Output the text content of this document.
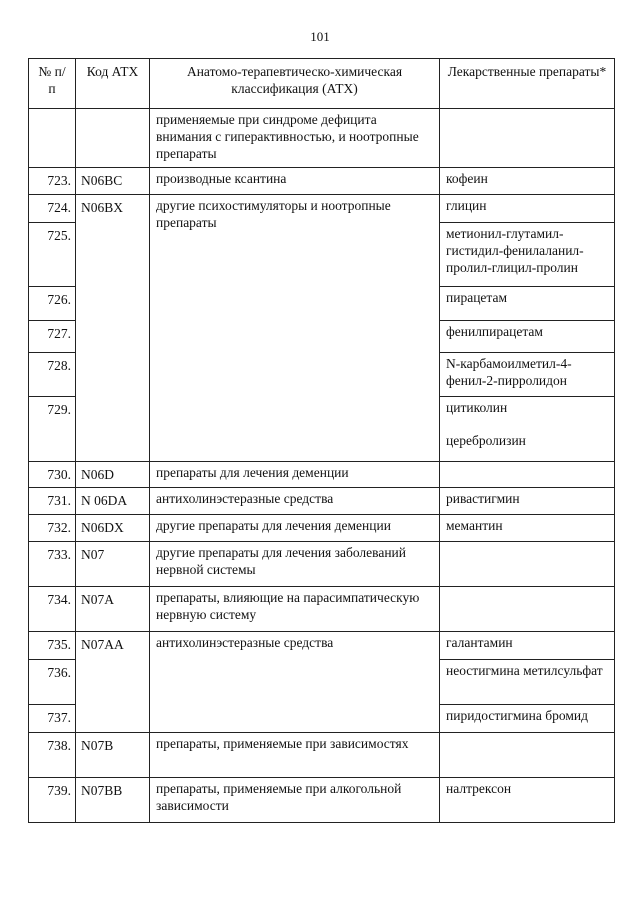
101
№ п/п	Код АТХ	Анатомо-терапевтическо-химическая классификация (АТХ)	Лекарственные препараты*
		применяемые при синдроме дефицита внимания с гиперактивностью, и ноотропные препараты	
723.	N06BC	производные ксантина	кофеин

724.	N06BX	другие психостимуляторы и ноотропные препараты	глицин

725.			метионил-глутамил-гистидил-фенилаланил-пролил-глицил-пролин

726.			пирацетам

727.			фенилпирацетам

728.			N-карбамоилметил-4-фенил-2-пирролидон

729.			цитиколин
церебролизин

730.	N06D	препараты для лечения деменции	

731.	N 06DA	антихолинэстеразные средства	ривастигмин

732.	N06DX	другие препараты для лечения деменции	мемантин

733.	N07	другие препараты для лечения заболеваний нервной системы	

734.	N07A	препараты, влияющие на парасимпатическую нервную систему	

735.	N07AA	антихолинэстеразные средства	галантамин

736.			неостигмина метилсульфат

737.			пиридостигмина бромид

738.	N07B	препараты, применяемые при зависимостях	

739.	N07BB	препараты, применяемые при алкогольной зависимости	налтрексон
